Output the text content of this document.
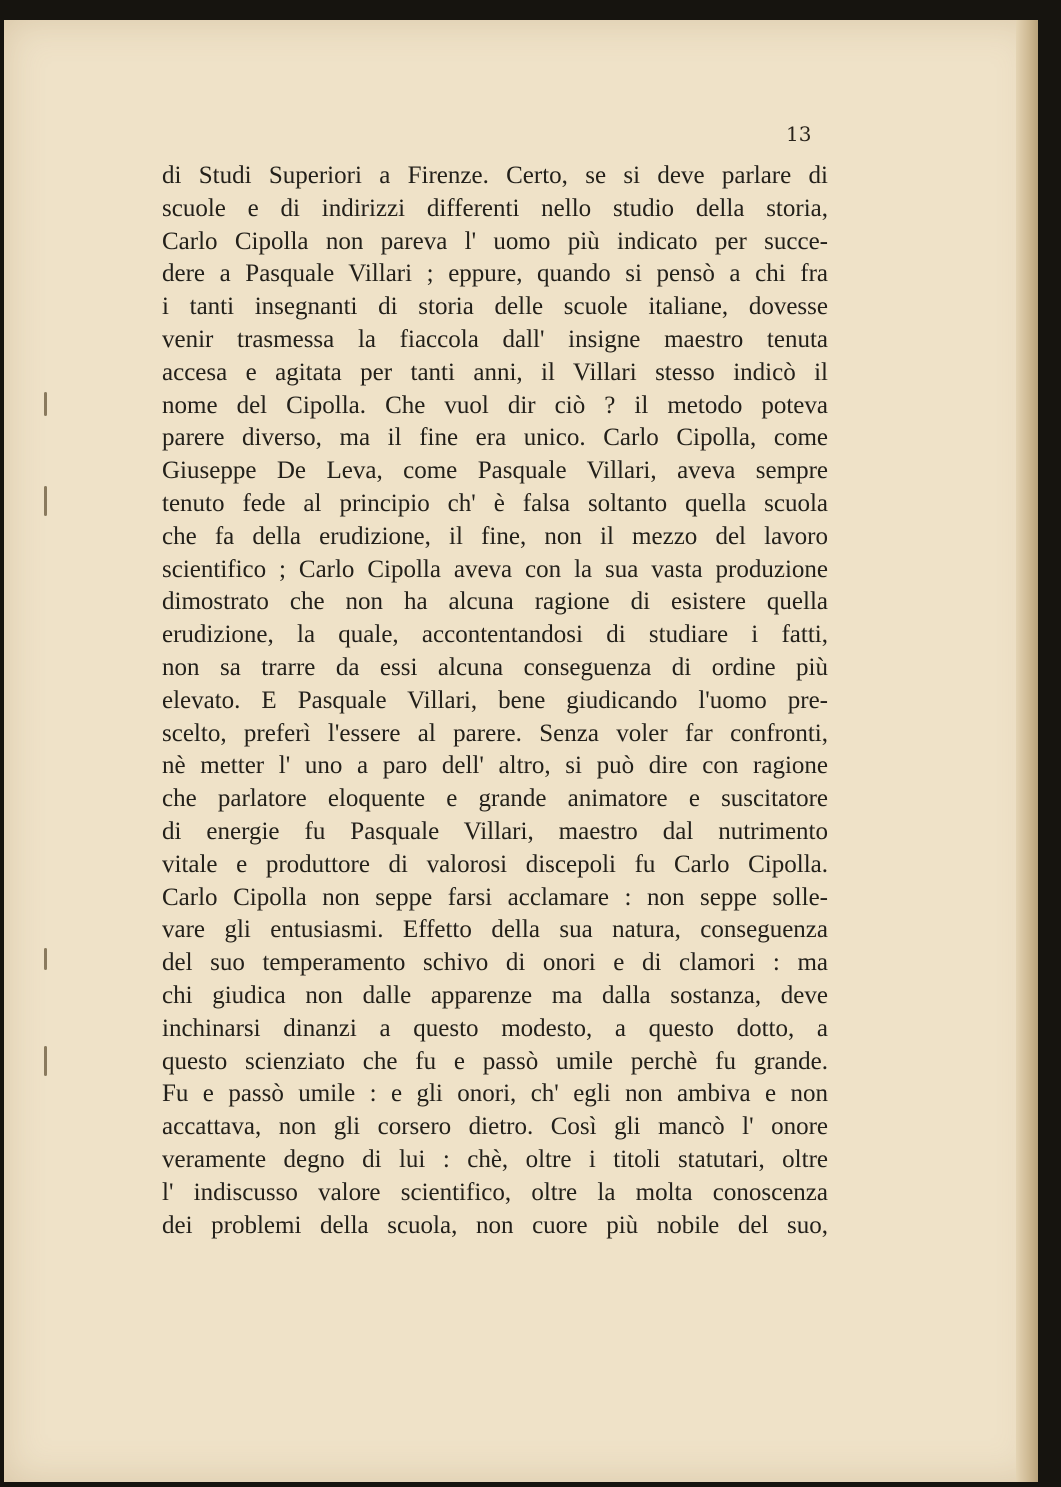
13
di Studi Superiori a Firenze. Certo, se si deve parlare di
scuole e di indirizzi differenti nello studio della storia,
Carlo Cipolla non pareva l' uomo più indicato per succe-
dere a Pasquale Villari ; eppure, quando si pensò a chi fra
i tanti insegnanti di storia delle scuole italiane, dovesse
venir trasmessa la fiaccola dall' insigne maestro tenuta
accesa e agitata per tanti anni, il Villari stesso indicò il
nome del Cipolla. Che vuol dir ciò ? il metodo poteva
parere diverso, ma il fine era unico. Carlo Cipolla, come
Giuseppe De Leva, come Pasquale Villari, aveva sempre
tenuto fede al principio ch' è falsa soltanto quella scuola
che fa della erudizione, il fine, non il mezzo del lavoro
scientifico ; Carlo Cipolla aveva con la sua vasta produzione
dimostrato che non ha alcuna ragione di esistere quella
erudizione, la quale, accontentandosi di studiare i fatti,
non sa trarre da essi alcuna conseguenza di ordine più
elevato. E Pasquale Villari, bene giudicando l'uomo pre-
scelto, preferì l'essere al parere. Senza voler far confronti,
nè metter l' uno a paro dell' altro, si può dire con ragione
che parlatore eloquente e grande animatore e suscitatore
di energie fu Pasquale Villari, maestro dal nutrimento
vitale e produttore di valorosi discepoli fu Carlo Cipolla.
Carlo Cipolla non seppe farsi acclamare : non seppe solle-
vare gli entusiasmi. Effetto della sua natura, conseguenza
del suo temperamento schivo di onori e di clamori : ma
chi giudica non dalle apparenze ma dalla sostanza, deve
inchinarsi dinanzi a questo modesto, a questo dotto, a
questo scienziato che fu e passò umile perchè fu grande.
Fu e passò umile : e gli onori, ch' egli non ambiva e non
accattava, non gli corsero dietro. Così gli mancò l' onore
veramente degno di lui : chè, oltre i titoli statutari, oltre
l' indiscusso valore scientifico, oltre la molta conoscenza
dei problemi della scuola, non cuore più nobile del suo,
